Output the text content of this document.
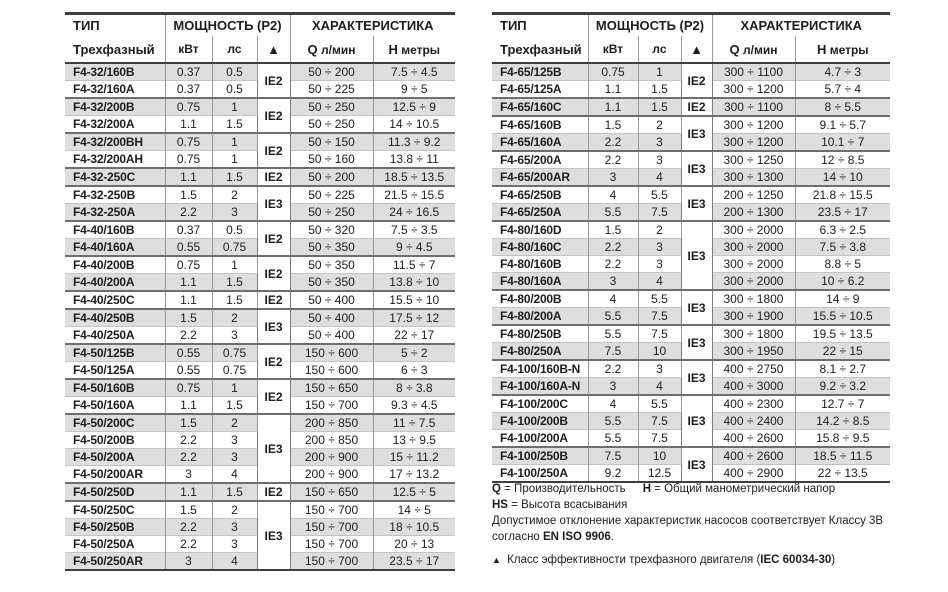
ТИП	МОЩНОСТЬ (P2)			ХАРАКТЕРИСТИКА	
Трехфазный	кВт	лс	▲	Q л/мин	H метры
F4-32/160B	0.37	0.5	IE2	50 ÷ 200	7.5 ÷ 4.5
F4-32/160A	0.37	0.5		50 ÷ 225	9 ÷ 5
F4-32/200B	0.75	1	IE2	50 ÷ 250	12.5 ÷ 9
F4-32/200A	1.1	1.5		50 ÷ 250	14 ÷ 10.5
F4-32/200BH	0.75	1	IE2	50 ÷ 150	11.3 ÷ 9.2
F4-32/200AH	0.75	1		50 ÷ 160	13.8 ÷ 11
F4-32-250C	1.1	1.5	IE2	50 ÷ 200	18.5 ÷ 13.5
F4-32-250B	1.5	2	IE3	50 ÷ 225	21.5 ÷ 15.5
F4-32-250A	2.2	3		50 ÷ 250	24 ÷ 16.5
F4-40/160B	0.37	0.5	IE2	50 ÷ 320	7.5 ÷ 3.5
F4-40/160A	0.55	0.75		50 ÷ 350	9 ÷ 4.5
F4-40/200B	0.75	1	IE2	50 ÷ 350	11.5 ÷ 7
F4-40/200A	1.1	1.5		50 ÷ 350	13.8 ÷ 10
F4-40/250C	1.1	1.5	IE2	50 ÷ 400	15.5 ÷ 10
F4-40/250B	1.5	2	IE3	50 ÷ 400	17.5 ÷ 12
F4-40/250A	2.2	3		50 ÷ 400	22 ÷ 17
F4-50/125B	0.55	0.75	IE2	150 ÷ 600	5 ÷ 2
F4-50/125A	0.55	0.75		150 ÷ 600	6 ÷ 3
F4-50/160B	0.75	1	IE2	150 ÷ 650	8 ÷ 3.8
F4-50/160A	1.1	1.5		150 ÷ 700	9.3 ÷ 4.5
F4-50/200C	1.5	2	IE3	200 ÷ 850	11 ÷ 7.5
F4-50/200B	2.2	3		200 ÷ 850	13 ÷ 9.5
F4-50/200A	2.2	3		200 ÷ 900	15 ÷ 11.2
F4-50/200AR	3	4		200 ÷ 900	17 ÷ 13.2
F4-50/250D	1.1	1.5	IE2	150 ÷ 650	12.5 ÷ 5
F4-50/250C	1.5	2	IE3	150 ÷ 700	14 ÷ 5
F4-50/250B	2.2	3		150 ÷ 700	18 ÷ 10.5
F4-50/250A	2.2	3		150 ÷ 700	20 ÷ 13
F4-50/250AR	3	4		150 ÷ 700	23.5 ÷ 17
ТИП	МОЩНОСТЬ (P2)			ХАРАКТЕРИСТИКА	
Трехфазный	кВт	лс	▲	Q л/мин	H метры
F4-65/125B	0.75	1	IE2	300 ÷ 1100	4.7 ÷ 3
F4-65/125A	1.1	1.5		300 ÷ 1200	5.7 ÷ 4
F4-65/160C	1.1	1.5	IE2	300 ÷ 1100	8 ÷ 5.5
F4-65/160B	1.5	2	IE3	300 ÷ 1200	9.1 ÷ 5.7
F4-65/160A	2.2	3		300 ÷ 1200	10.1 ÷ 7
F4-65/200A	2.2	3	IE3	300 ÷ 1250	12 ÷ 8.5
F4-65/200AR	3	4		300 ÷ 1300	14 ÷ 10
F4-65/250B	4	5.5	IE3	200 ÷ 1250	21.8 ÷ 15.5
F4-65/250A	5.5	7.5		200 ÷ 1300	23.5 ÷ 17
F4-80/160D	1.5	2	IE3	300 ÷ 2000	6.3 ÷ 2.5
F4-80/160C	2.2	3		300 ÷ 2000	7.5 ÷ 3.8
F4-80/160B	2.2	3		300 ÷ 2000	8.8 ÷ 5
F4-80/160A	3	4		300 ÷ 2000	10 ÷ 6.2
F4-80/200B	4	5.5	IE3	300 ÷ 1800	14 ÷ 9
F4-80/200A	5.5	7.5		300 ÷ 1900	15.5 ÷ 10.5
F4-80/250B	5.5	7.5	IE3	300 ÷ 1800	19.5 ÷ 13.5
F4-80/250A	7.5	10		300 ÷ 1950	22 ÷ 15
F4-100/160B-N	2.2	3	IE3	400 ÷ 2750	8.1 ÷ 2.7
F4-100/160A-N	3	4		400 ÷ 3000	9.2 ÷ 3.2
F4-100/200C	4	5.5	IE3	400 ÷ 2300	12.7 ÷ 7
F4-100/200B	5.5	7.5		400 ÷ 2400	14.2 ÷ 8.5
F4-100/200A	5.5	7.5		400 ÷ 2600	15.8 ÷ 9.5
F4-100/250B	7.5	10	IE3	400 ÷ 2600	18.5 ÷ 11.5
F4-100/250A	9.2	12.5		400 ÷ 2900	22 ÷ 13.5
Q = Производительность H = Общий манометрический напор
HS = Высота всасывания
Допустимое отклонение характеристик насосов соответствует Классу 3В
согласно EN ISO 9906.
▲ Класс эффективности трехфазного двигателя (IEC 60034-30)
